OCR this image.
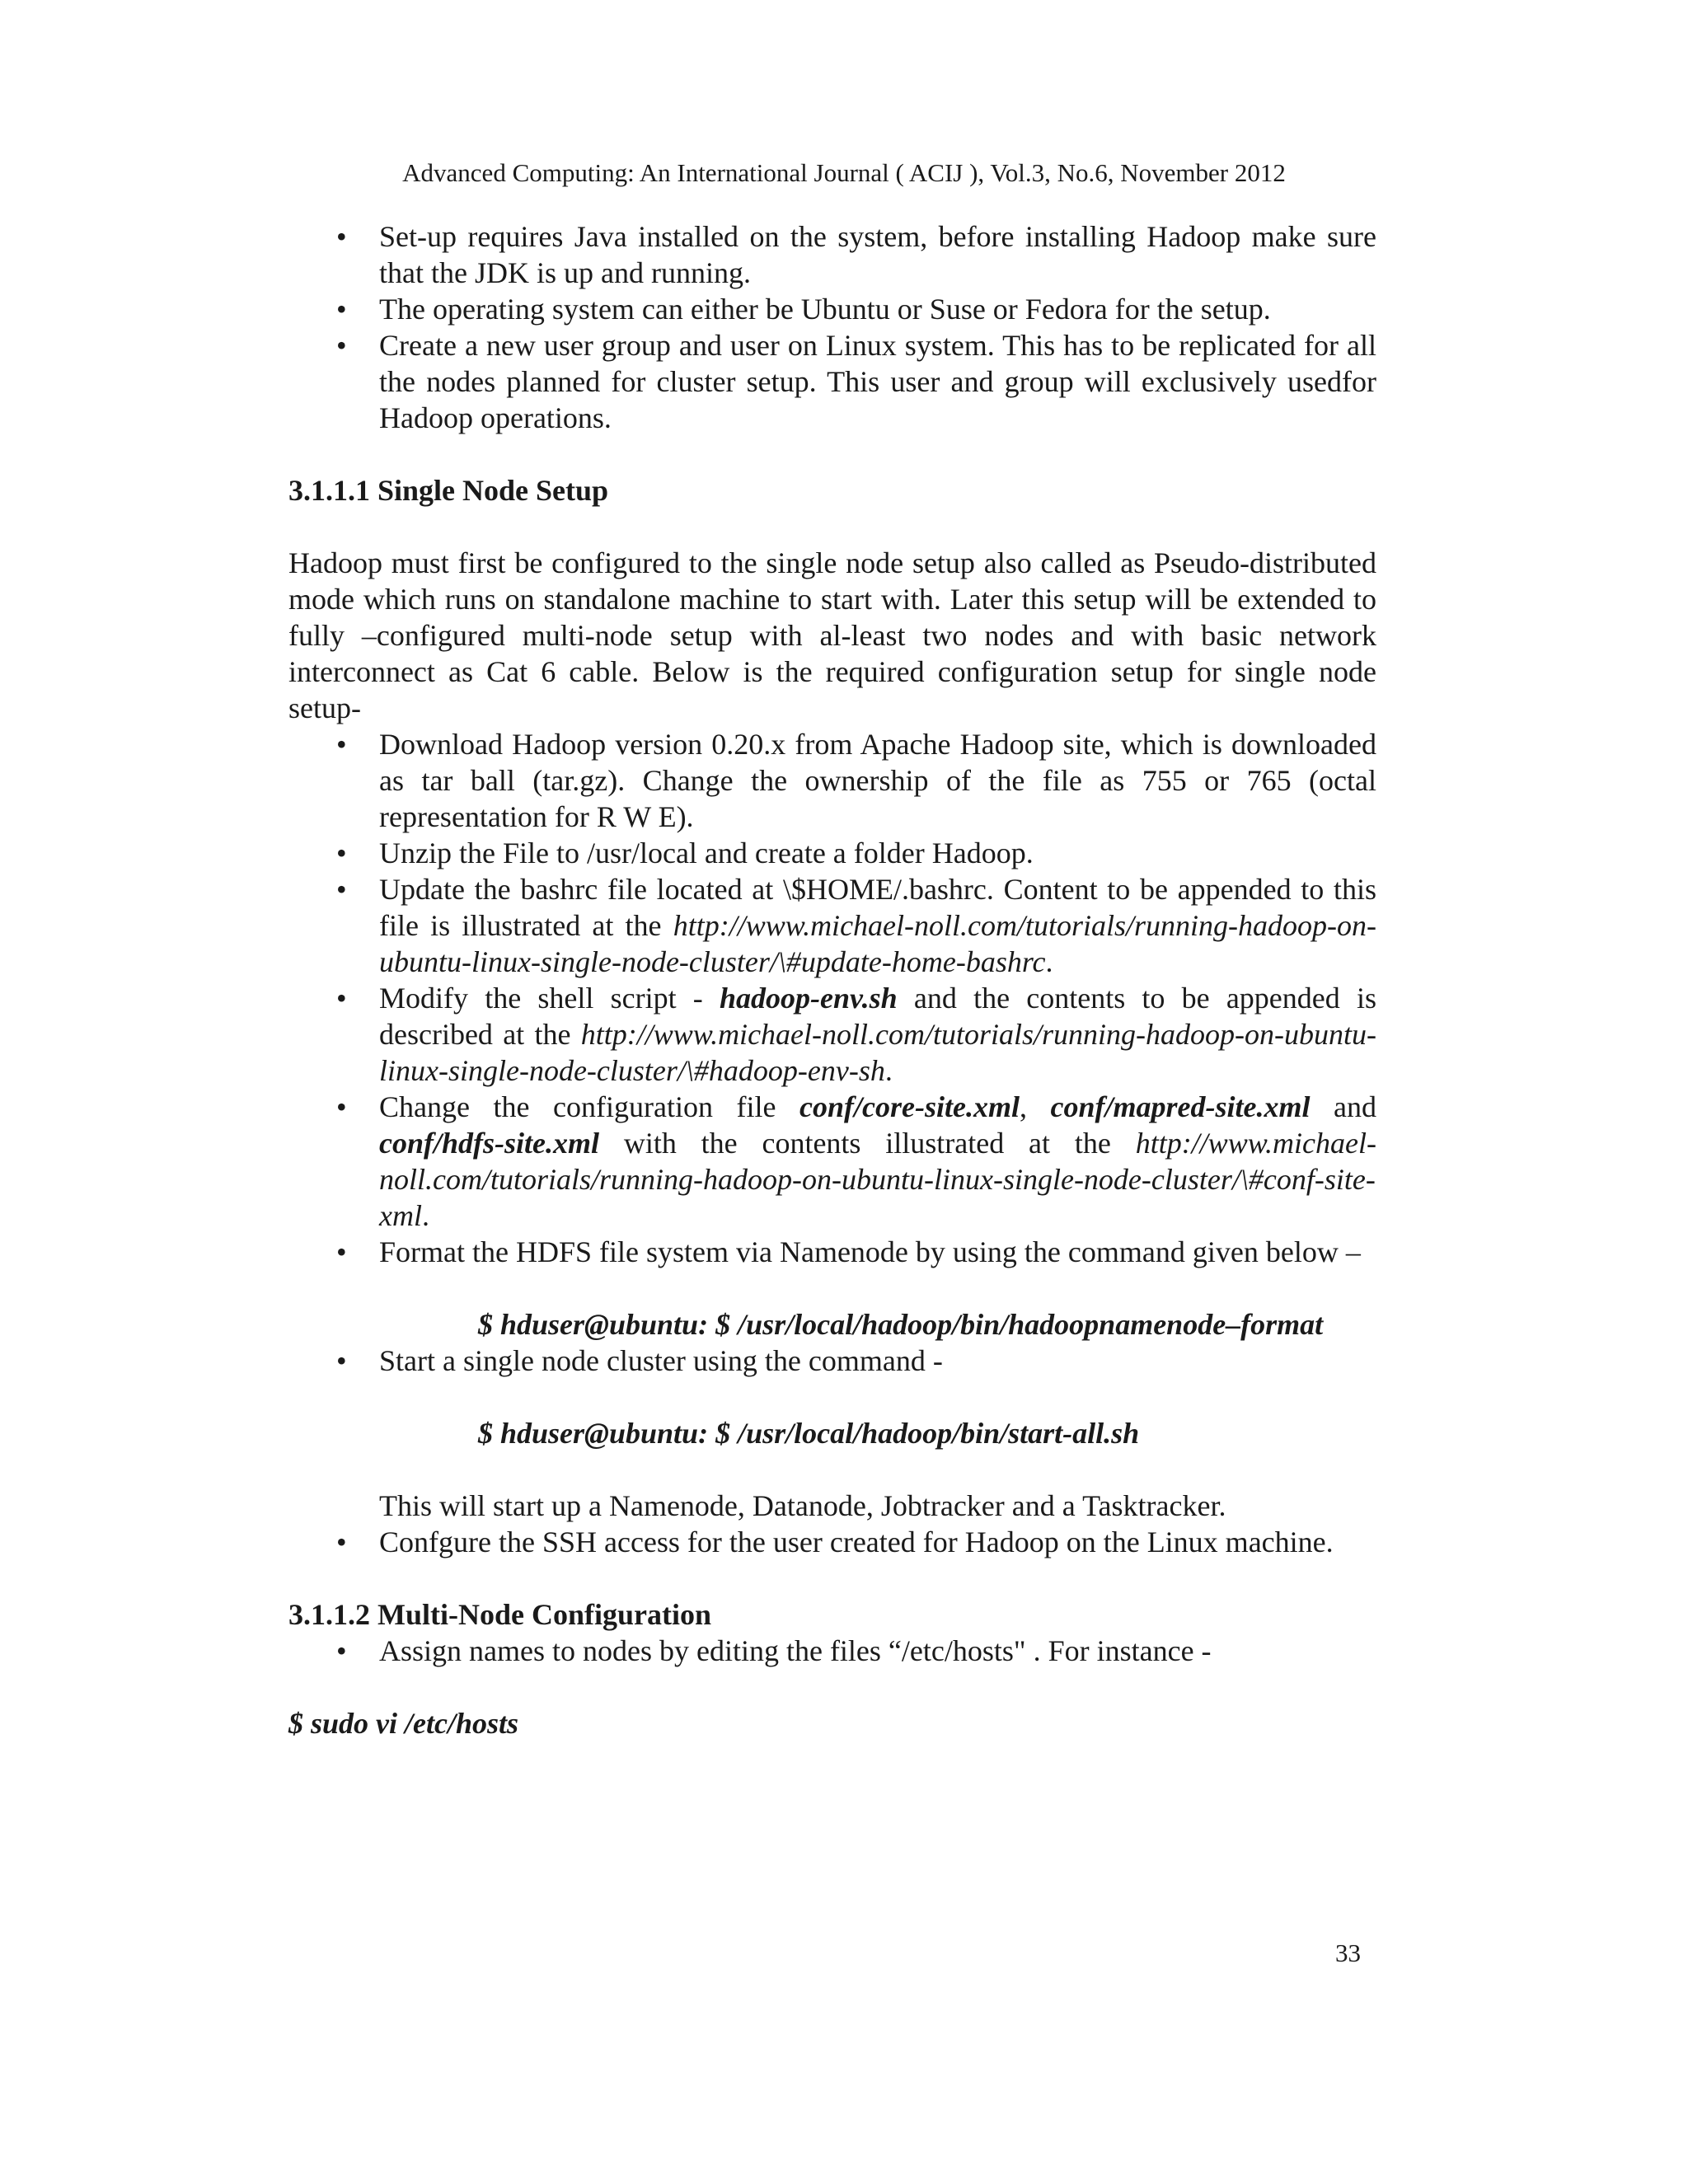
Advanced Computing: An International Journal ( ACIJ ), Vol.3, No.6, November 2012
• Set-up requires Java installed on the system, before installing Hadoop make sure that the JDK is up and running.
• The operating system can either be Ubuntu or Suse or Fedora for the setup.
• Create a new user group and user on Linux system. This has to be replicated for all the nodes planned for cluster setup. This user and group will exclusively usedfor Hadoop operations.

3.1.1.1 Single Node Setup

Hadoop must first be configured to the single node setup also called as Pseudo-distributed mode which runs on standalone machine to start with. Later this setup will be extended to fully –configured multi-node setup with al-least two nodes and with basic network interconnect as Cat 6 cable. Below is the required configuration setup for single node setup-

• Download Hadoop version 0.20.x from Apache Hadoop site, which is downloaded as tar ball (tar.gz). Change the ownership of the file as 755 or 765 (octal representation for R W E).
• Unzip the File to /usr/local and create a folder Hadoop.
• Update the bashrc file located at \$HOME/.bashrc. Content to be appended to this file is illustrated at the http://www.michael-noll.com/tutorials/running-hadoop-on-ubuntu-linux-single-node-cluster/\#update-home-bashrc.
• Modify the shell script - hadoop-env.sh and the contents to be appended is described at the http://www.michael-noll.com/tutorials/running-hadoop-on-ubuntu-linux-single-node-cluster/\#hadoop-env-sh.
• Change the configuration file conf/core-site.xml, conf/mapred-site.xml and conf/hdfs-site.xml with the contents illustrated at the http://www.michael-noll.com/tutorials/running-hadoop-on-ubuntu-linux-single-node-cluster/\#conf-site-xml.
• Format the HDFS file system via Namenode by using the command given below –

$ hduser@ubuntu: $ /usr/local/hadoop/bin/hadoopnamenode–format

• Start a single node cluster using the command -

$ hduser@ubuntu: $ /usr/local/hadoop/bin/start-all.sh

This will start up a Namenode, Datanode, Jobtracker and a Tasktracker.

• Confgure the SSH access for the user created for Hadoop on the Linux machine.

3.1.1.2 Multi-Node Configuration

• Assign names to nodes by editing the files “/etc/hosts" . For instance -

$ sudo vi /etc/hosts

33
